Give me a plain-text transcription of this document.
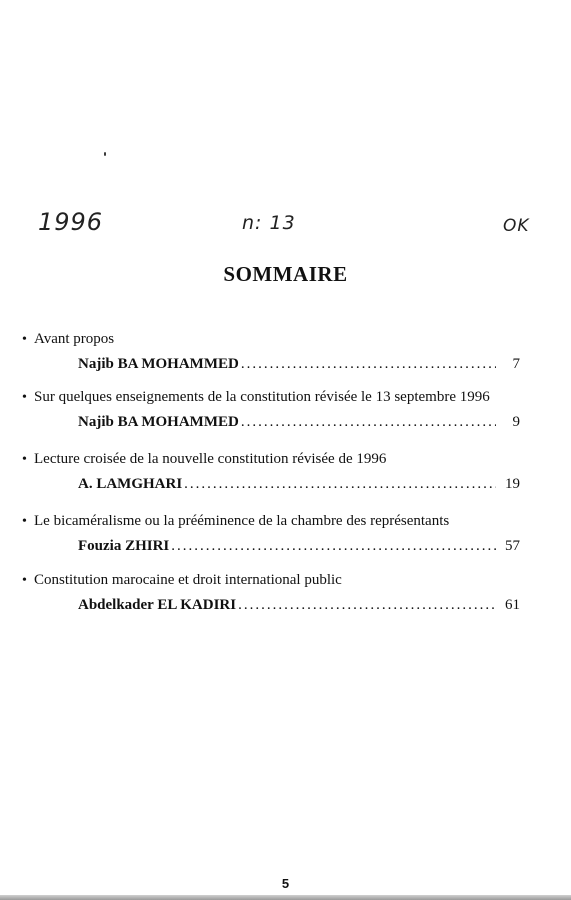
1996	n: 13	OK
SOMMAIRE
• Avant propos
Najib BA MOHAMMED .....	7
• Sur quelques enseignements de la constitution révisée le 13 septembre 1996
Najib BA MOHAMMED .....	9
• Lecture croisée de la nouvelle constitution révisée de 1996
A. LAMGHARI .....	19
• Le bicaméralisme ou la prééminence de la chambre des représentants
Fouzia ZHIRI .....	57
• Constitution marocaine et droit international public
Abdelkader EL KADIRI .....	61
5
